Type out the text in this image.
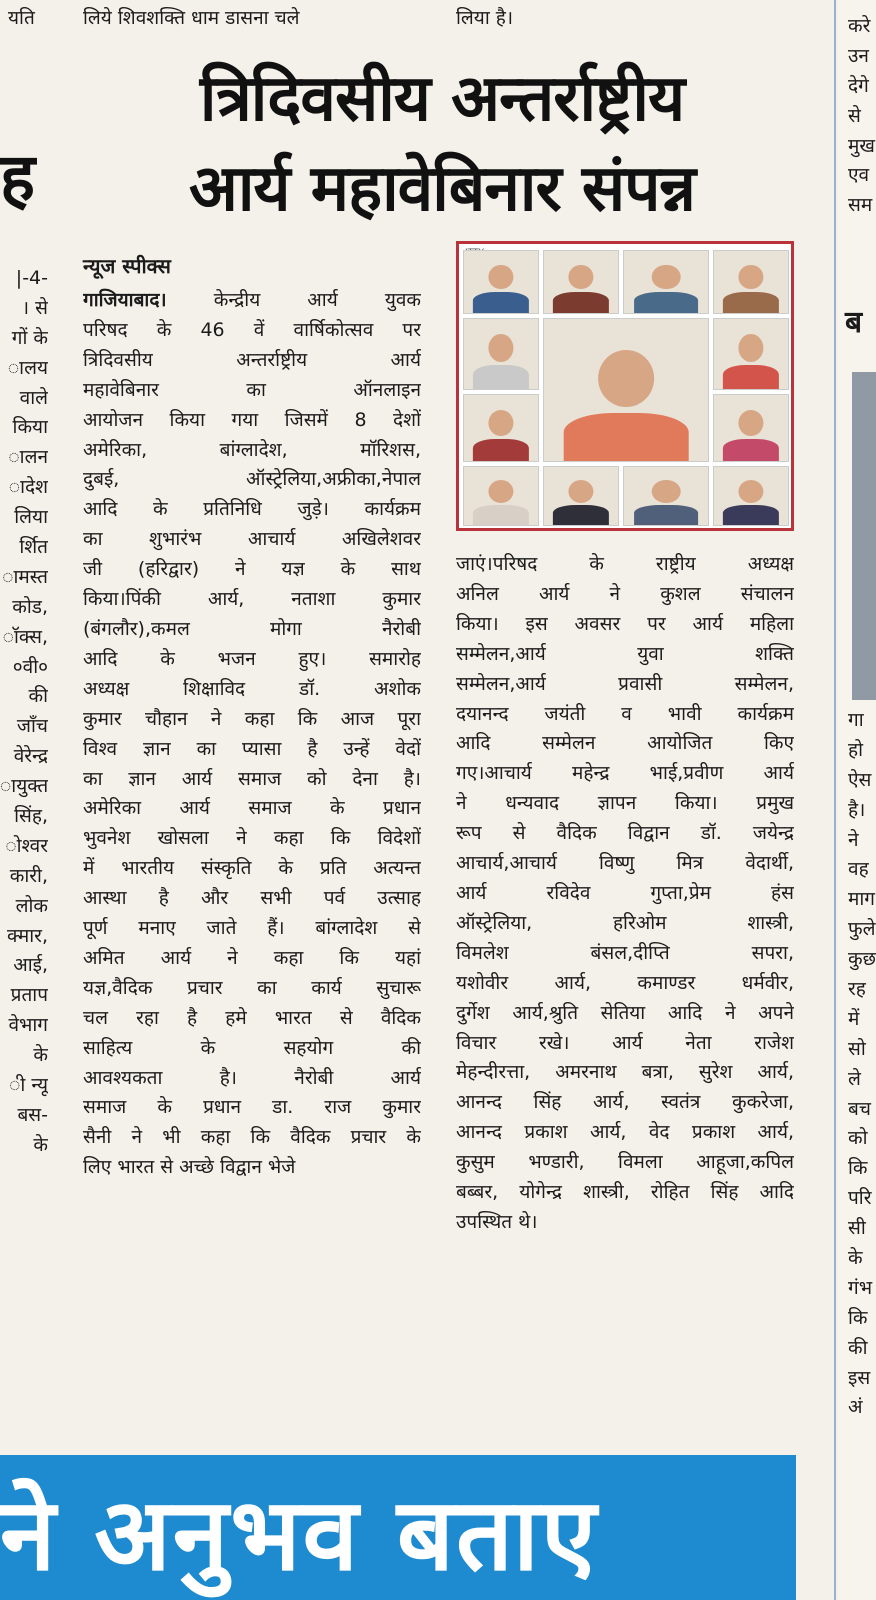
यति	लिये शिवशक्ति धाम डासना चले	लिया है।
ह
त्रिदिवसीय अन्तर्राष्ट्रीय
आर्य महावेबिनार संपन्न
|-4-
। से
गों के
ालय
वाले
किया
ालन
ादेश
लिया
र्शित
ामस्त
कोड,
ॉक्स,
०वी०
की
जाँच
वेरेन्द्र
ायुक्त
सिंह,
ोश्वर
कारी,
लोक
क्मार,
आई,
प्रताप
वेभाग
के
ी न्यू
बस-
के
न्यूज स्पीक्स
गाजियाबाद। केन्द्रीय आर्य युवक
परिषद के 46 वें वार्षिकोत्सव पर
त्रिदिवसीय अन्तर्राष्ट्रीय आर्य
महावेबिनार का ऑनलाइन
आयोजन किया गया जिसमें 8 देशों
अमेरिका, बांग्लादेश, मॉरिशस,
दुबई, ऑस्ट्रेलिया,अफ्रीका,नेपाल
आदि के प्रतिनिधि जुड़े। कार्यक्रम
का शुभारंभ आचार्य अखिलेशवर
जी (हरिद्वार) ने यज्ञ के साथ
किया।पिंकी आर्य, नताशा कुमार
(बंगलौर),कमल मोगा नैरोबी
आदि के भजन हुए। समारोह
अध्यक्ष शिक्षाविद डॉ. अशोक
कुमार चौहान ने कहा कि आज पूरा
विश्व ज्ञान का प्यासा है उन्हें वेदों
का ज्ञान आर्य समाज को देना है।
अमेरिका आर्य समाज के प्रधान
भुवनेश खोसला ने कहा कि विदेशों
में भारतीय संस्कृति के प्रति अत्यन्त
आस्था है और सभी पर्व उत्साह
पूर्ण मनाए जाते हैं। बांग्लादेश से
अमित आर्य ने कहा कि यहां
यज्ञ,वैदिक प्रचार का कार्य सुचारू
चल रहा है हमे भारत से वैदिक
साहित्य के सहयोग की
आवश्यकता है। नैरोबी आर्य
समाज के प्रधान डा. राज कुमार
सैनी ने भी कहा कि वैदिक प्रचार के
लिए भारत से अच्छे विद्वान भेजे
जाएं।परिषद के राष्ट्रीय अध्यक्ष
अनिल आर्य ने कुशल संचालन
किया। इस अवसर पर आर्य महिला
सम्मेलन,आर्य युवा शक्ति
सम्मेलन,आर्य प्रवासी सम्मेलन,
दयानन्द जयंती व भावी कार्यक्रम
आदि सम्मेलन आयोजित किए
गए।आचार्य महेन्द्र भाई,प्रवीण आर्य
ने धन्यवाद ज्ञापन किया। प्रमुख
रूप से वैदिक विद्वान डॉ. जयेन्द्र
आचार्य,आचार्य विष्णु मित्र वेदार्थी,
आर्य रविदेव गुप्ता,प्रेम हंस
ऑस्ट्रेलिया, हरिओम शास्त्री,
विमलेश बंसल,दीप्ति सपरा,
यशोवीर आर्य, कमाण्डर धर्मवीर,
दुर्गेश आर्य,श्रुति सेतिया आदि ने अपने
विचार रखे। आर्य नेता राजेश
मेहन्दीरत्ता, अमरनाथ बत्रा, सुरेश आर्य,
आनन्द सिंह आर्य, स्वतंत्र कुकरेजा,
आनन्द प्रकाश आर्य, वेद प्रकाश आर्य,
कुसुम भण्डारी, विमला आहूजा,कपिल
बब्बर, योगेन्द्र शास्त्री, रोहित सिंह आदि
उपस्थित थे।
करे
उन
देगे
से
मुख
एव
सम
ब
गा
हो
ऐस
है।
ने
वह
माग
फुले
कुछ
रह
में
सो
ले
बच
को
कि
परि
सी
के
गंभ
कि
की
इस
अं
ने अनुभव बताए
